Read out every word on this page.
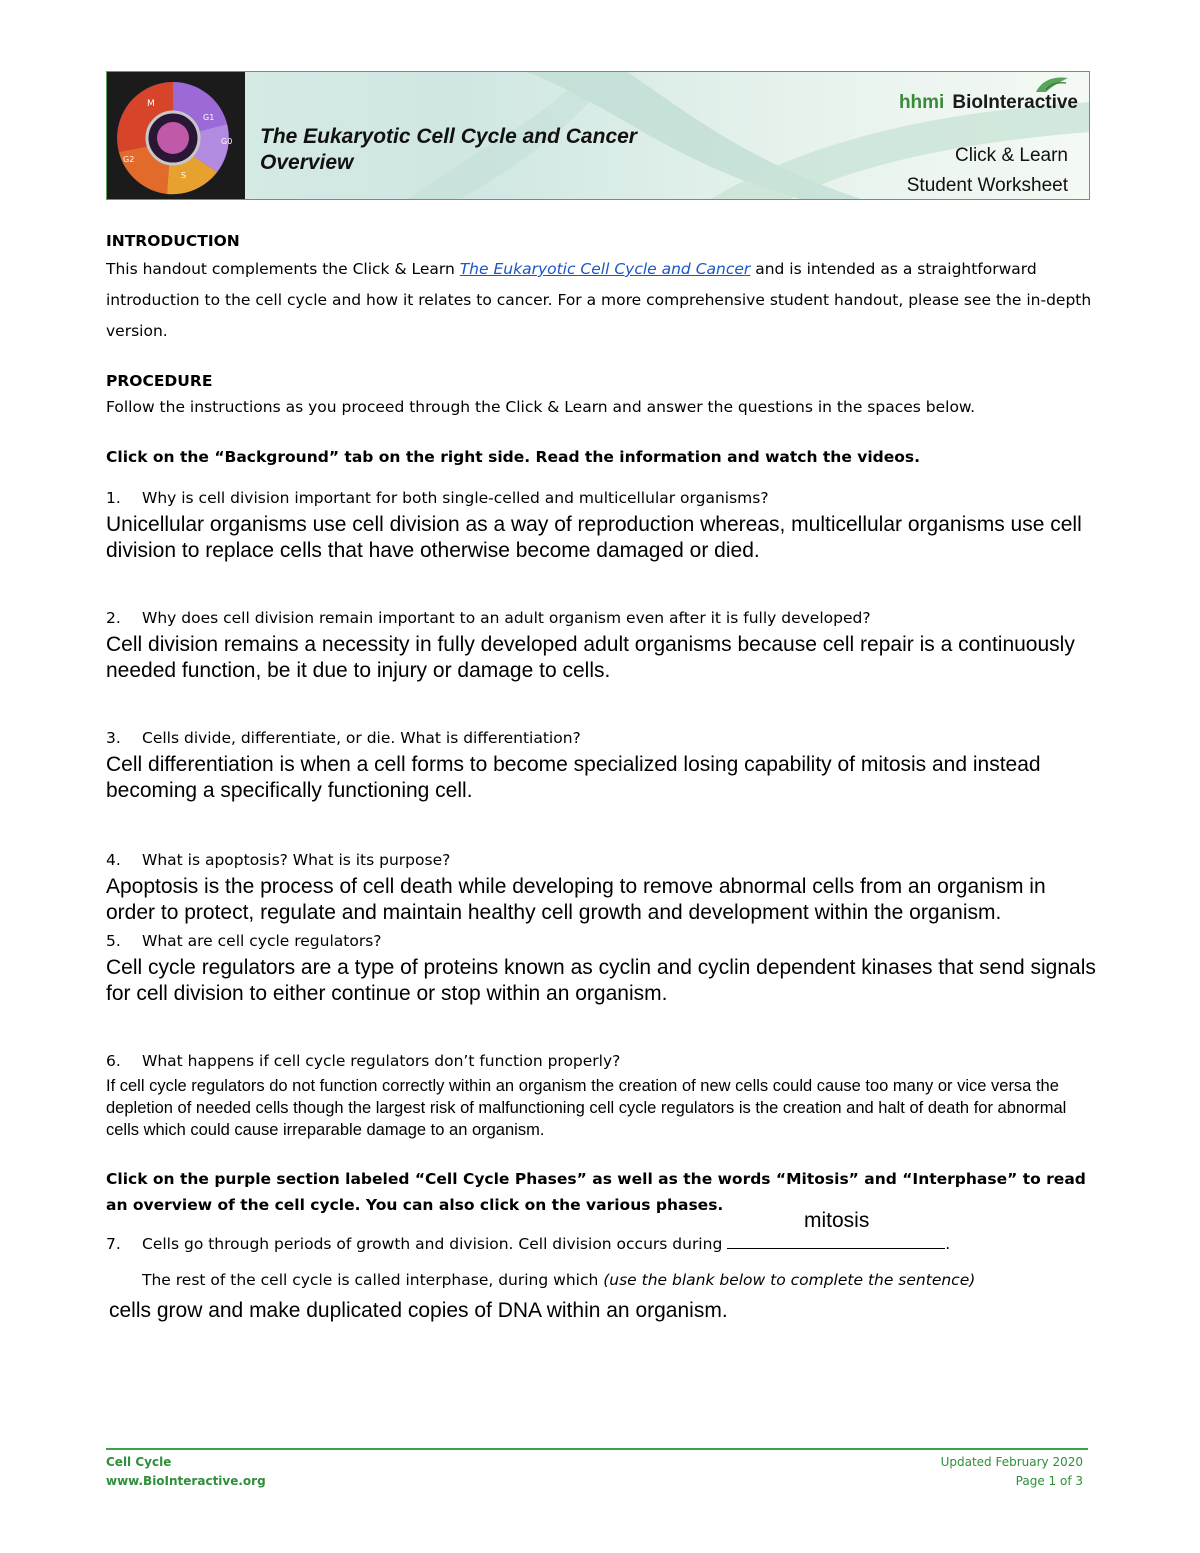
M
G1
G0
S
G2
The Eukaryotic Cell Cycle and Cancer
Overview
hhmi BioInteractive
Click & Learn
Student Worksheet
INTRODUCTION
This handout complements the Click & Learn The Eukaryotic Cell Cycle and Cancer and is intended as a straightforward introduction to the cell cycle and how it relates to cancer. For a more comprehensive student handout, please see the in-depth version.
PROCEDURE
Follow the instructions as you proceed through the Click & Learn and answer the questions in the spaces below.
Click on the “Background” tab on the right side. Read the information and watch the videos.
1. Why is cell division important for both single-celled and multicellular organisms?
Unicellular organisms use cell division as a way of reproduction whereas, multicellular organisms use cell division to replace cells that have otherwise become damaged or died.
2. Why does cell division remain important to an adult organism even after it is fully developed?
Cell division remains a necessity in fully developed adult organisms because cell repair is a continuously needed function, be it due to injury or damage to cells.
3. Cells divide, differentiate, or die. What is differentiation?
Cell differentiation is when a cell forms to become specialized losing capability of mitosis and instead becoming a specifically functioning cell.
4. What is apoptosis? What is its purpose?
Apoptosis is the process of cell death while developing to remove abnormal cells from an organism in order to protect, regulate and maintain healthy cell growth and development within the organism.
5. What are cell cycle regulators?
Cell cycle regulators are a type of proteins known as cyclin and cyclin dependent kinases that send signals for cell division to either continue or stop within an organism.
6. What happens if cell cycle regulators don’t function properly?
If cell cycle regulators do not function correctly within an organism the creation of new cells could cause too many or vice versa the depletion of needed cells though the largest risk of malfunctioning cell cycle regulators is the creation and halt of death for abnormal cells which could cause irreparable damage to an organism.
Click on the purple section labeled “Cell Cycle Phases” as well as the words “Mitosis” and “Interphase” to read an overview of the cell cycle. You can also click on the various phases.
mitosis
7. Cells go through periods of growth and division. Cell division occurs during	.
The rest of the cell cycle is called interphase, during which (use the blank below to complete the sentence)
cells grow and make duplicated copies of DNA within an organism.
Cell Cycle
www.BioInteractive.org
Updated February 2020
Page 1 of 3
